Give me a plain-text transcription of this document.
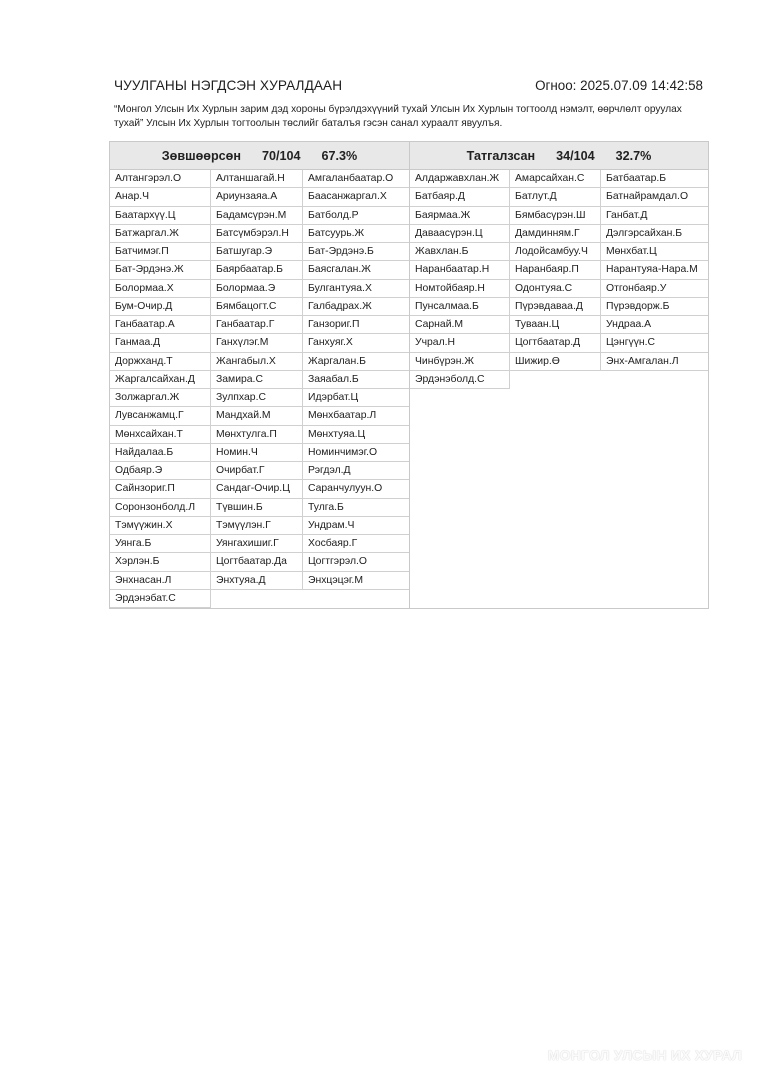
ЧУУЛГАНЫ НЭГДСЭН ХУРАЛДААН	Огноо: 2025.07.09 14:42:58
“Монгол Улсын Их Хурлын зарим дэд хороны бүрэлдэхүүний тухай Улсын Их Хурлын тогтоолд нэмэлт, өөрчлөлт оруулах тухай” Улсын Их Хурлын тогтоолын төслийг баталъя гэсэн санал хураалт явуулъя.
Зөвшөөрсөн 70/104 67.3%
Алтангэрэл.О	Алтаншагай.Н	Амгаланбаатар.О
Анар.Ч	Ариунзаяа.А	Баасанжаргал.Х
Баатархүү.Ц	Бадамсүрэн.М	Батболд.Р
Батжаргал.Ж	Батсүмбэрэл.Н	Батсуурь.Ж
Батчимэг.П	Батшугар.Э	Бат-Эрдэнэ.Б
Бат-Эрдэнэ.Ж	Баярбаатар.Б	Баясгалан.Ж
Болормаа.Х	Болормаа.Э	Булгантуяа.Х
Бум-Очир.Д	Бямбацогт.С	Галбадрах.Ж
Ганбаатар.А	Ганбаатар.Г	Ганзориг.П
Ганмаа.Д	Ганхүлэг.М	Ганхуяг.Х
Доржханд.Т	Жангабыл.Х	Жаргалан.Б
Жаргалсайхан.Д	Замира.С	Заяабал.Б
Золжаргал.Ж	Зулпхар.С	Идэрбат.Ц
Лувсанжамц.Г	Мандхай.М	Мөнхбаатар.Л
Мөнхсайхан.Т	Мөнхтулга.П	Мөнхтуяа.Ц
Найдалаа.Б	Номин.Ч	Номинчимэг.О
Одбаяр.Э	Очирбат.Г	Рэгдэл.Д
Сайнзориг.П	Сандаг-Очир.Ц	Саранчулуун.О
Соронзонболд.Л	Түвшин.Б	Тулга.Б
Тэмүүжин.Х	Тэмүүлэн.Г	Ундрам.Ч
Уянга.Б	Уянгахишиг.Г	Хосбаяр.Г
Хэрлэн.Б	Цогтбаатар.Да	Цогтгэрэл.О
Энхнасан.Л	Энхтуяа.Д	Энхцэцэг.М
Эрдэнэбат.С
Татгалзсан 34/104 32.7%
Алдаржавхлан.Ж	Амарсайхан.С	Батбаатар.Б
Батбаяр.Д	Батлут.Д	Батнайрамдал.О
Баярмаа.Ж	Бямбасүрэн.Ш	Ганбат.Д
Даваасүрэн.Ц	Дамдинням.Г	Дэлгэрсайхан.Б
Жавхлан.Б	Лодойсамбуу.Ч	Мөнхбат.Ц
Наранбаатар.Н	Наранбаяр.П	Нарантуяа-Нара.М
Номтойбаяр.Н	Одонтуяа.С	Отгонбаяр.У
Пунсалмаа.Б	Пүрэвдаваа.Д	Пүрэвдорж.Б
Сарнай.М	Туваан.Ц	Ундраа.А
Учрал.Н	Цогтбаатар.Д	Цэнгүүн.С
Чинбүрэн.Ж	Шижир.Ө	Энх-Амгалан.Л
Эрдэнэболд.С
МОНГОЛ УЛСЫН ИХ ХУРАЛ
